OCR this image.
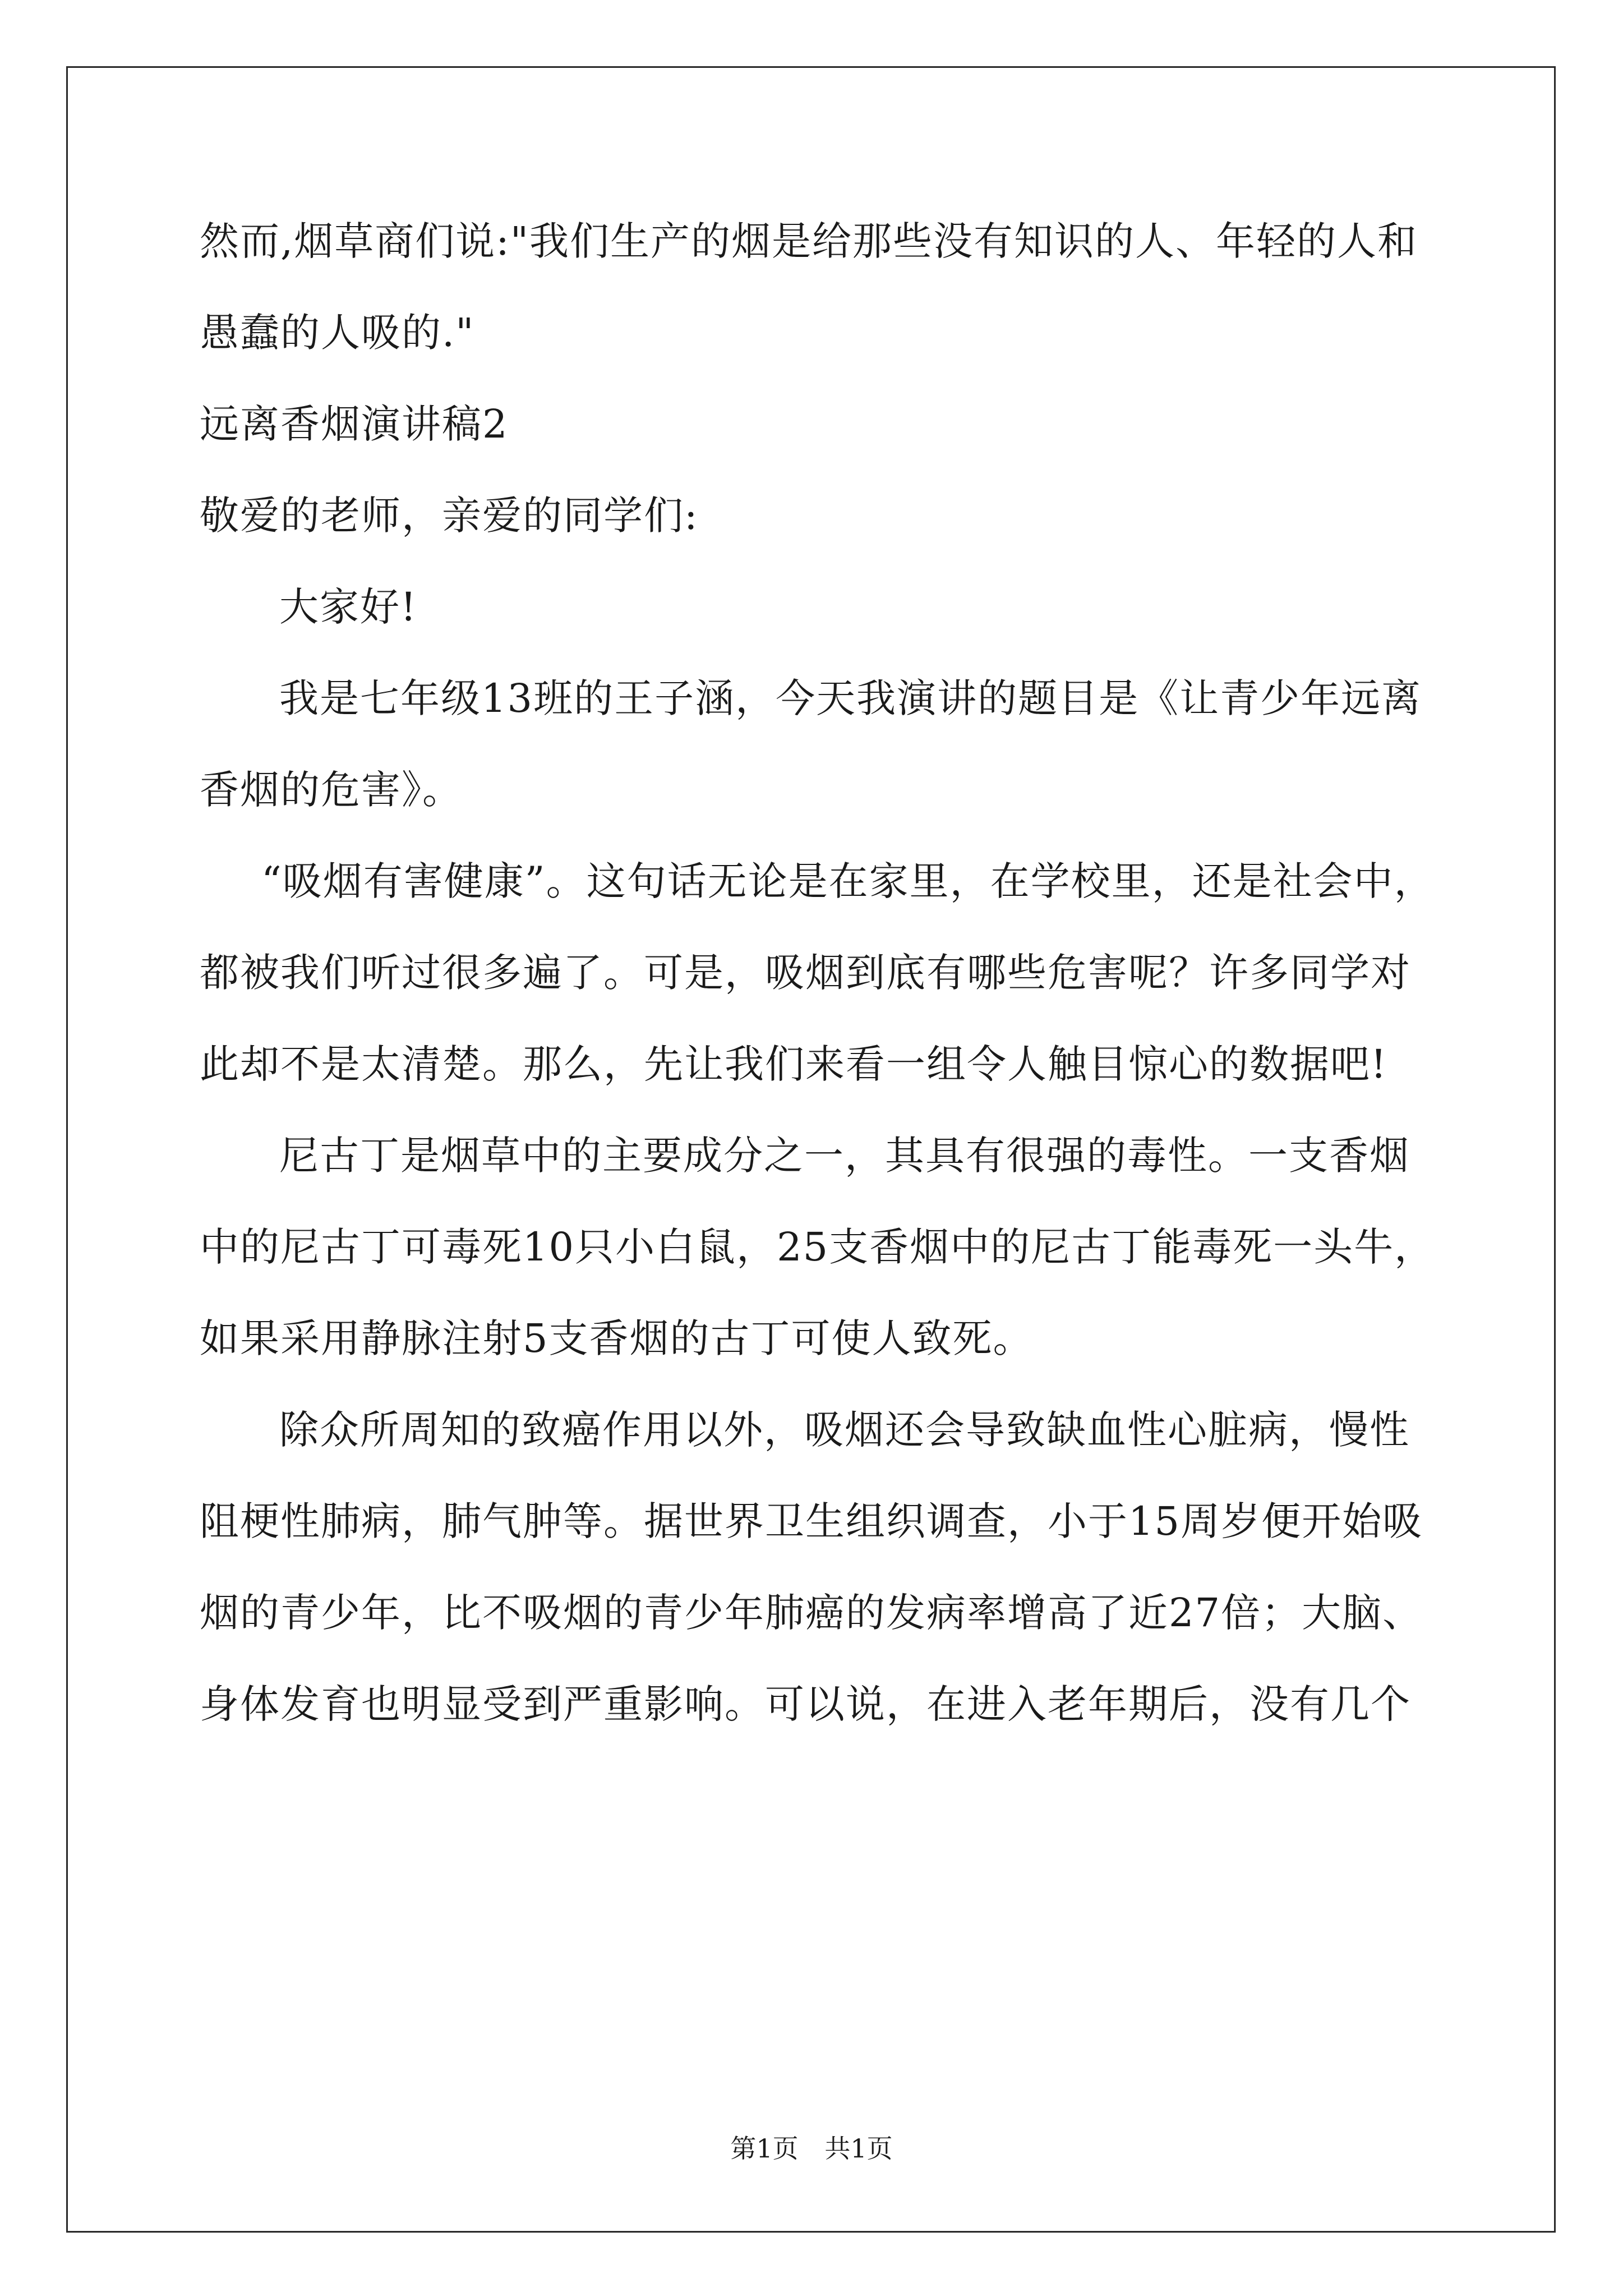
然而,烟草商们说:"我们生产的烟是给那些没有知识的人、年轻的人和
愚蠢的人吸的."
远离香烟演讲稿2
敬爱的老师，亲爱的同学们:
大家好!
我是七年级13班的王子涵，今天我演讲的题目是《让青少年远离
香烟的危害》。
“吸烟有害健康”。这句话无论是在家里，在学校里，还是社会中，
都被我们听过很多遍了。可是，吸烟到底有哪些危害呢？许多同学对
此却不是太清楚。那么，先让我们来看一组令人触目惊心的数据吧!
尼古丁是烟草中的主要成分之一，其具有很强的毒性。一支香烟
中的尼古丁可毒死10只小白鼠，25支香烟中的尼古丁能毒死一头牛，
如果采用静脉注射5支香烟的古丁可使人致死。
除众所周知的致癌作用以外，吸烟还会导致缺血性心脏病，慢性
阻梗性肺病，肺气肿等。据世界卫生组织调查，小于15周岁便开始吸
烟的青少年，比不吸烟的青少年肺癌的发病率增高了近27倍；大脑、
身体发育也明显受到严重影响。可以说，在进入老年期后，没有几个
第1页 共1页
